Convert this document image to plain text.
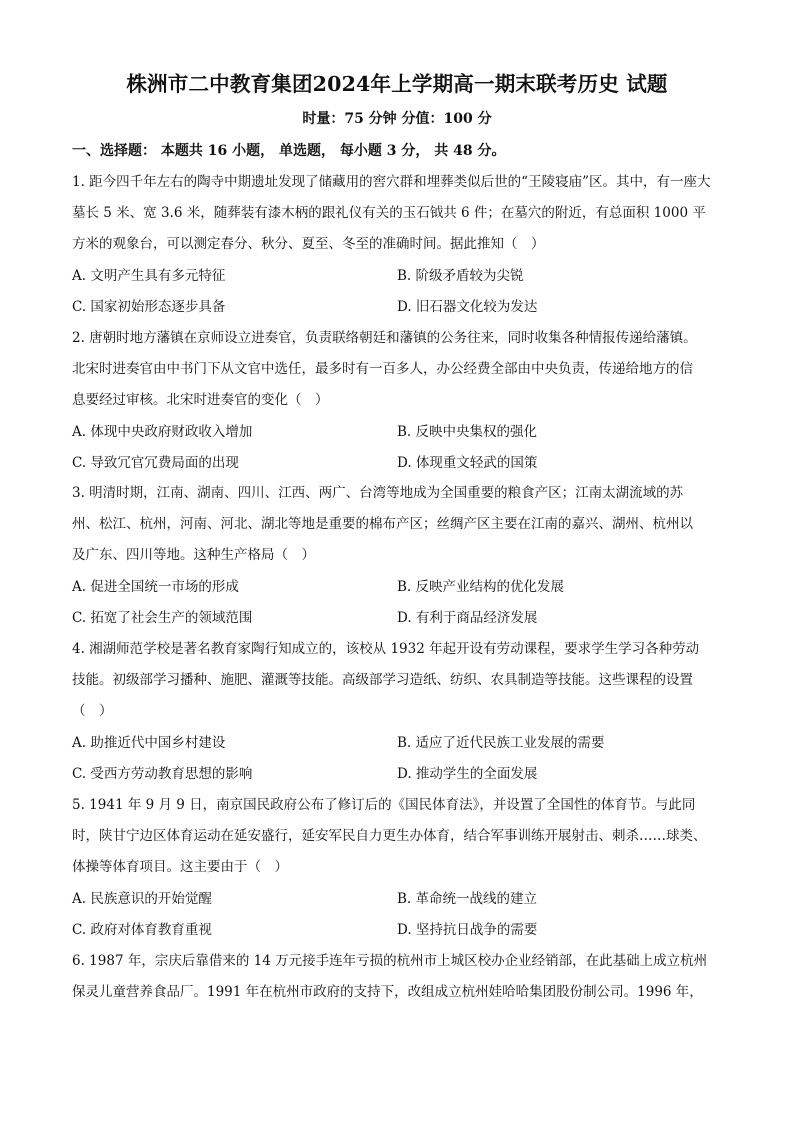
株洲市二中教育集团2024年上学期高一期末联考历史 试题
时量：75 分钟 分值：100 分
一、选择题： 本题共 16 小题， 单选题， 每小题 3 分， 共 48 分。
1. 距今四千年左右的陶寺中期遗址发现了储藏用的窖穴群和埋葬类似后世的“王陵寝庙”区。其中，有一座大
墓长 5 米、宽 3.6 米，随葬装有漆木柄的跟礼仪有关的玉石钺共 6 件；在墓穴的附近，有总面积 1000 平
方米的观象台，可以测定春分、秋分、夏至、冬至的准确时间。据此推知（　）
A. 文明产生具有多元特征	B. 阶级矛盾较为尖锐
C. 国家初始形态逐步具备	D. 旧石器文化较为发达
2. 唐朝时地方藩镇在京师设立进奏官，负责联络朝廷和藩镇的公务往来，同时收集各种情报传递给藩镇。
北宋时进奏官由中书门下从文官中选任，最多时有一百多人，办公经费全部由中央负责，传递给地方的信
息要经过审核。北宋时进奏官的变化（　）
A. 体现中央政府财政收入增加	B. 反映中央集权的强化
C. 导致冗官冗费局面的出现	D. 体现重文轻武的国策
3. 明清时期，江南、湖南、四川、江西、两广、台湾等地成为全国重要的粮食产区；江南太湖流域的苏
州、松江、杭州，河南、河北、湖北等地是重要的棉布产区；丝绸产区主要在江南的嘉兴、湖州、杭州以
及广东、四川等地。这种生产格局（　）
A. 促进全国统一市场的形成	B. 反映产业结构的优化发展
C. 拓宽了社会生产的领域范围	D. 有利于商品经济发展
4. 湘湖师范学校是著名教育家陶行知成立的，该校从 1932 年起开设有劳动课程，要求学生学习各种劳动
技能。初级部学习播种、施肥、灌溉等技能。高级部学习造纸、纺织、农具制造等技能。这些课程的设置
（　）
A. 助推近代中国乡村建设	B. 适应了近代民族工业发展的需要
C. 受西方劳动教育思想的影响	D. 推动学生的全面发展
5. 1941 年 9 月 9 日，南京国民政府公布了修订后的《国民体育法》，并设置了全国性的体育节。与此同
时，陕甘宁边区体育运动在延安盛行，延安军民自力更生办体育，结合军事训练开展射击、刺杀……球类、
体操等体育项目。这主要由于（　）
A. 民族意识的开始觉醒	B. 革命统一战线的建立
C. 政府对体育教育重视	D. 坚持抗日战争的需要
6. 1987 年，宗庆后靠借来的 14 万元接手连年亏损的杭州市上城区校办企业经销部，在此基础上成立杭州
保灵儿童营养食品厂。1991 年在杭州市政府的支持下，改组成立杭州娃哈哈集团股份制公司。1996 年，
